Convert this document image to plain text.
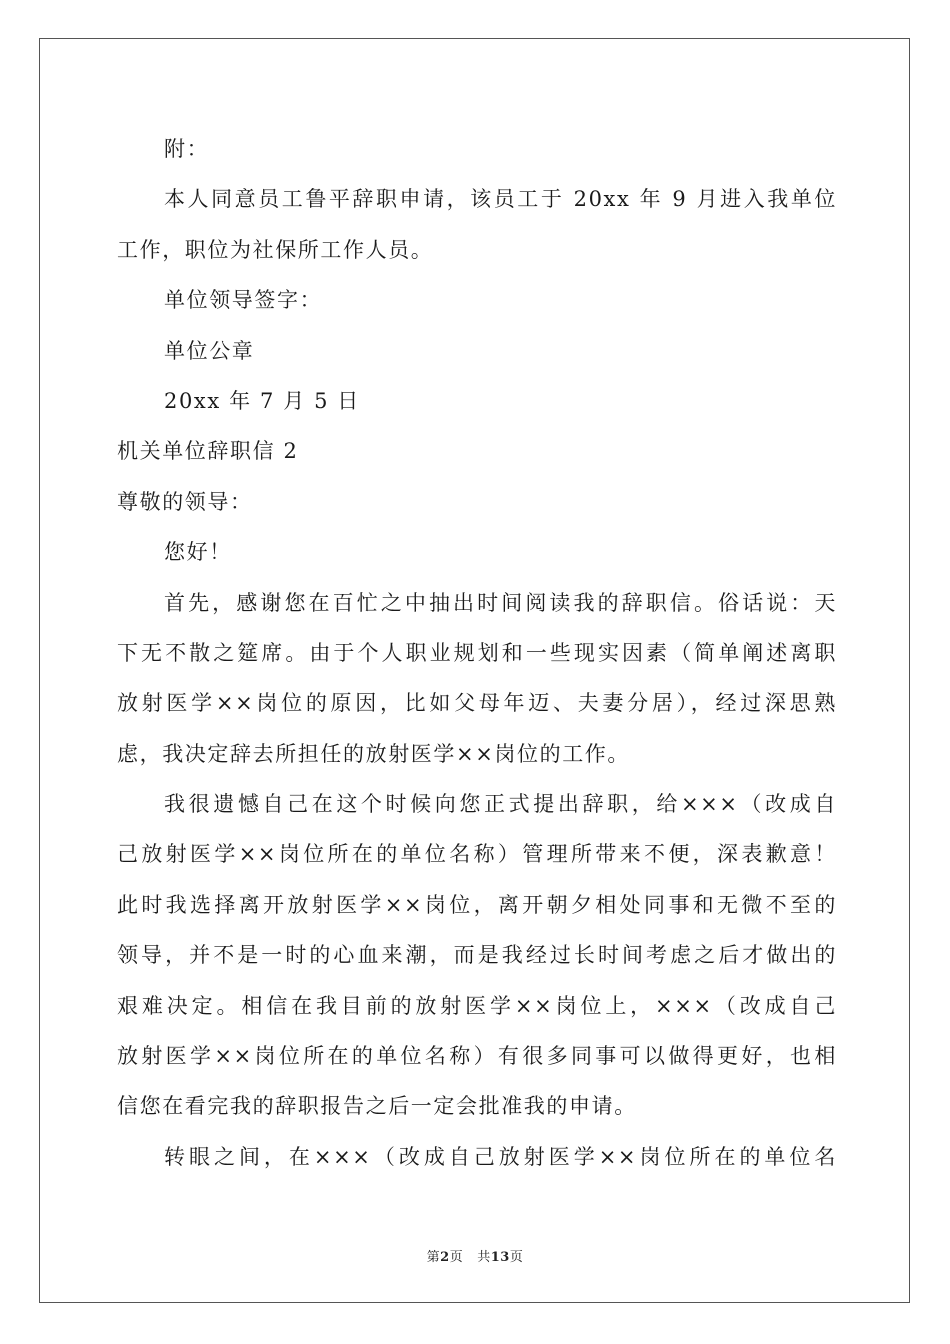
附：
本人同意员工鲁平辞职申请，该员工于 20xx 年 9 月进入我单位
工作，职位为社保所工作人员。
单位领导签字：
单位公章
20xx 年 7 月 5 日
机关单位辞职信 2
尊敬的领导：
您好！
首先，感谢您在百忙之中抽出时间阅读我的辞职信。俗话说：天
下无不散之筵席。由于个人职业规划和一些现实因素（简单阐述离职
放射医学××岗位的原因，比如父母年迈、夫妻分居），经过深思熟
虑，我决定辞去所担任的放射医学××岗位的工作。
我很遗憾自己在这个时候向您正式提出辞职，给×××（改成自
己放射医学××岗位所在的单位名称）管理所带来不便，深表歉意！
此时我选择离开放射医学××岗位，离开朝夕相处同事和无微不至的
领导，并不是一时的心血来潮，而是我经过长时间考虑之后才做出的
艰难决定。相信在我目前的放射医学××岗位上，×××（改成自己
放射医学××岗位所在的单位名称）有很多同事可以做得更好，也相
信您在看完我的辞职报告之后一定会批准我的申请。
转眼之间，在×××（改成自己放射医学××岗位所在的单位名
第2页 共13页
